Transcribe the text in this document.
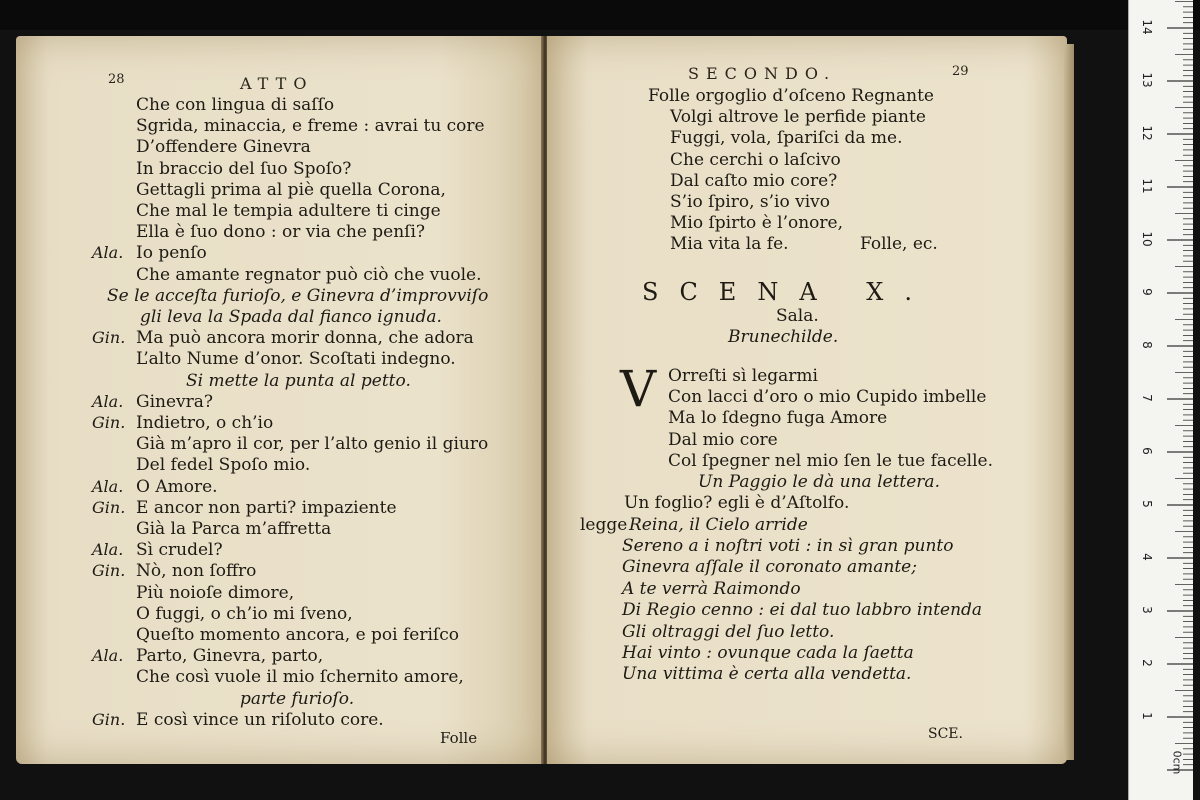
28	ATTO
Che con lingua di saſſo
Sgrida, minaccia, e freme : avrai tu core
D’offendere Ginevra
In braccio del ſuo Spoſo?
Gettagli prima al piè quella Corona,
Che mal le tempia adultere ti cinge
Ella è ſuo dono : or via che penſi?
Ala. Io penſo
Che amante regnator può ciò che vuole.
Se le acceſta furioſo, e Ginevra d’improvviſo
gli leva la Spada dal fianco ignuda.
Gin. Ma può ancora morir donna, che adora
L’alto Nume d’onor. Scoſtati indegno.
Si mette la punta al petto.
Ala. Ginevra?
Gin. Indietro, o ch’io
Già m’apro il cor, per l’alto genio il giuro
Del fedel Spoſo mio.
Ala. O Amore.
Gin. E ancor non parti? impaziente
Già la Parca m’affretta
Ala. Sì crudel?
Gin. Nò, non ſoffro
Più noioſe dimore,
O fuggi, o ch’io mi ſveno,
Queſto momento ancora, e poi feriſco
Ala. Parto, Ginevra, parto,
Che così vuole il mio ſchernito amore,
parte furioſo.
Gin. E così vince un riſoluto core.
Folle
SECONDO.	29
Folle orgoglio d’oſceno Regnante
Volgi altrove le perfide piante
Fuggi, vola, ſpariſci da me.
Che cerchi o laſcivo
Dal caſto mio core?
S’io ſpiro, s’io vivo
Mio ſpirto è l’onore,
Mia vita la fe.	Folle, ec.
SCENA X.
Sala.
Brunechilde.
V Orreſti sì legarmi
Con lacci d’oro o mio Cupido imbelle
Ma lo ſdegno fuga Amore
Dal mio core
Col ſpegner nel mio ſen le tue facelle.
Un Paggio le dà una lettera.
Un foglio? egli è d’Aſtolfo.
legge Reina, il Cielo arride
Sereno a i noſtri voti : in sì gran punto
Ginevra aſſale il coronato amante;
A te verrà Raimondo
Di Regio cenno : ei dal tuo labbro intenda
Gli oltraggi del ſuo letto.
Hai vinto : ovunque cada la ſaetta
Una vittima è certa alla vendetta.
SCE.
1
2
3
4
5
6
7
8
9
10
11
12
13
14
0cm
